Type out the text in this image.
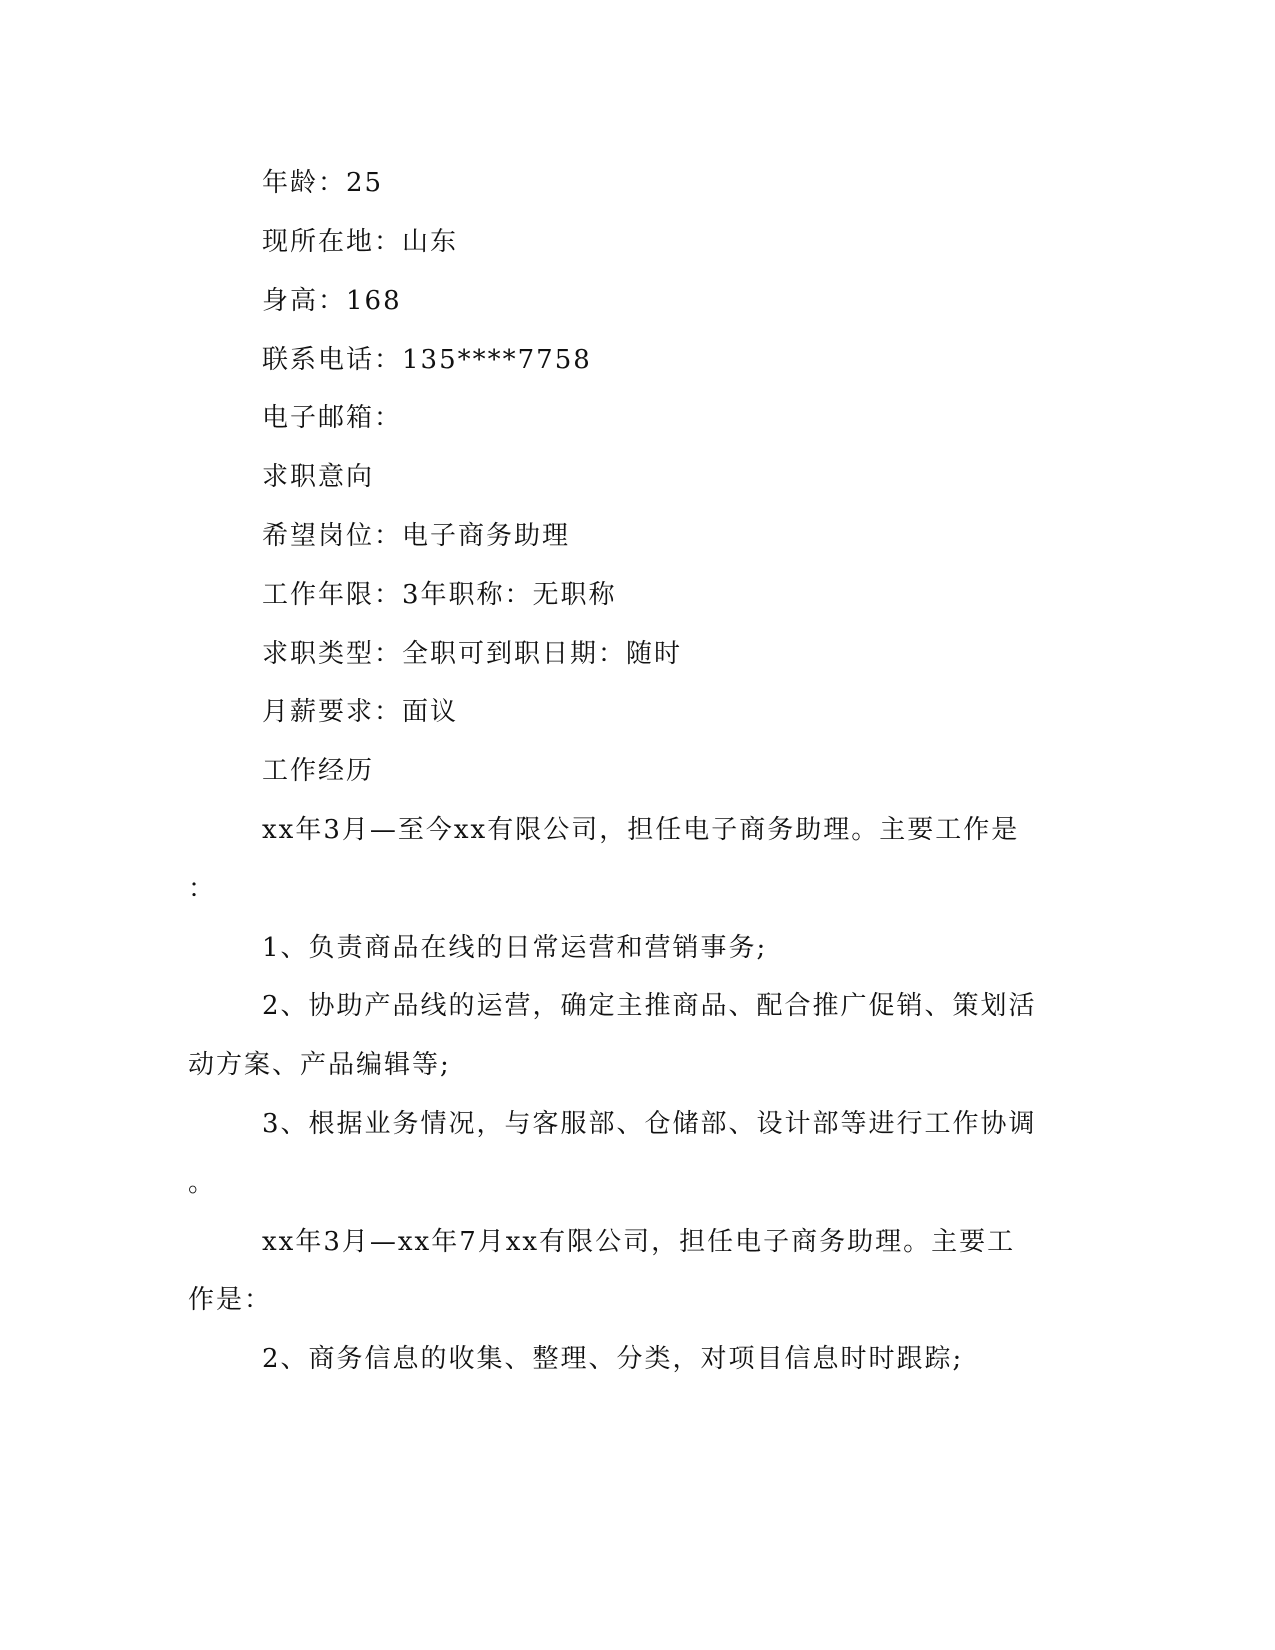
年龄：25
现所在地：山东
身高：168
联系电话：135****7758
电子邮箱：
求职意向
希望岗位：电子商务助理
工作年限：3年职称：无职称
求职类型：全职可到职日期：随时
月薪要求：面议
工作经历
xx年3月—至今xx有限公司，担任电子商务助理。主要工作是
：
1、负责商品在线的日常运营和营销事务;
2、协助产品线的运营，确定主推商品、配合推广促销、策划活
动方案、产品编辑等;
3、根据业务情况，与客服部、仓储部、设计部等进行工作协调
。
xx年3月—xx年7月xx有限公司，担任电子商务助理。主要工
作是：
2、商务信息的收集、整理、分类，对项目信息时时跟踪;
